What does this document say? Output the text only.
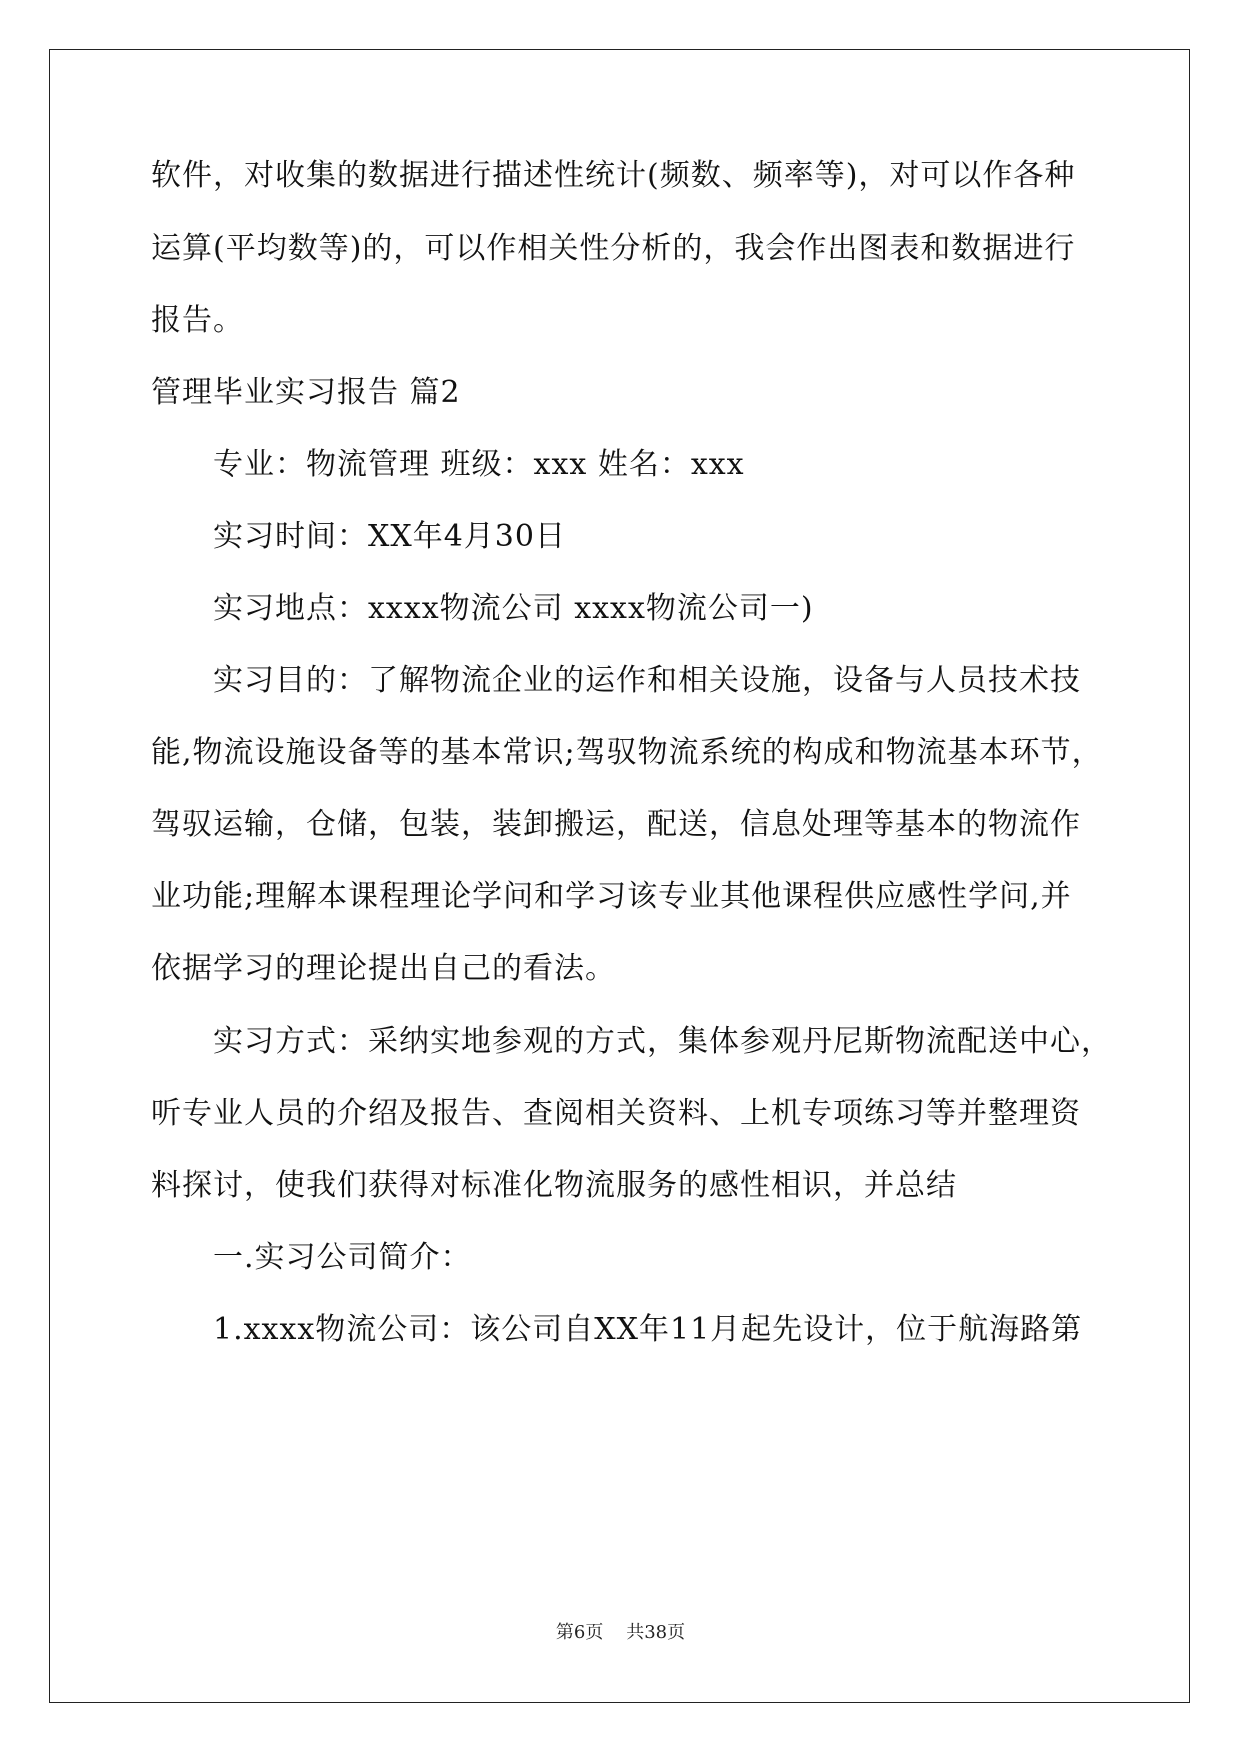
软件，对收集的数据进行描述性统计(频数、频率等)，对可以作各种
运算(平均数等)的，可以作相关性分析的，我会作出图表和数据进行
报告。
管理毕业实习报告 篇2
专业：物流管理 班级：xxx 姓名：xxx
实习时间：XX年4月30日
实习地点：xxxx物流公司 xxxx物流公司一)
实习目的：了解物流企业的运作和相关设施，设备与人员技术技
能,物流设施设备等的基本常识;驾驭物流系统的构成和物流基本环节，
驾驭运输，仓储，包装，装卸搬运，配送，信息处理等基本的物流作
业功能;理解本课程理论学问和学习该专业其他课程供应感性学问,并
依据学习的理论提出自己的看法。
实习方式：采纳实地参观的方式，集体参观丹尼斯物流配送中心，
听专业人员的介绍及报告、查阅相关资料、上机专项练习等并整理资
料探讨，使我们获得对标准化物流服务的感性相识，并总结
一.实习公司简介：
1.xxxx物流公司：该公司自XX年11月起先设计，位于航海路第
第6页 共38页
